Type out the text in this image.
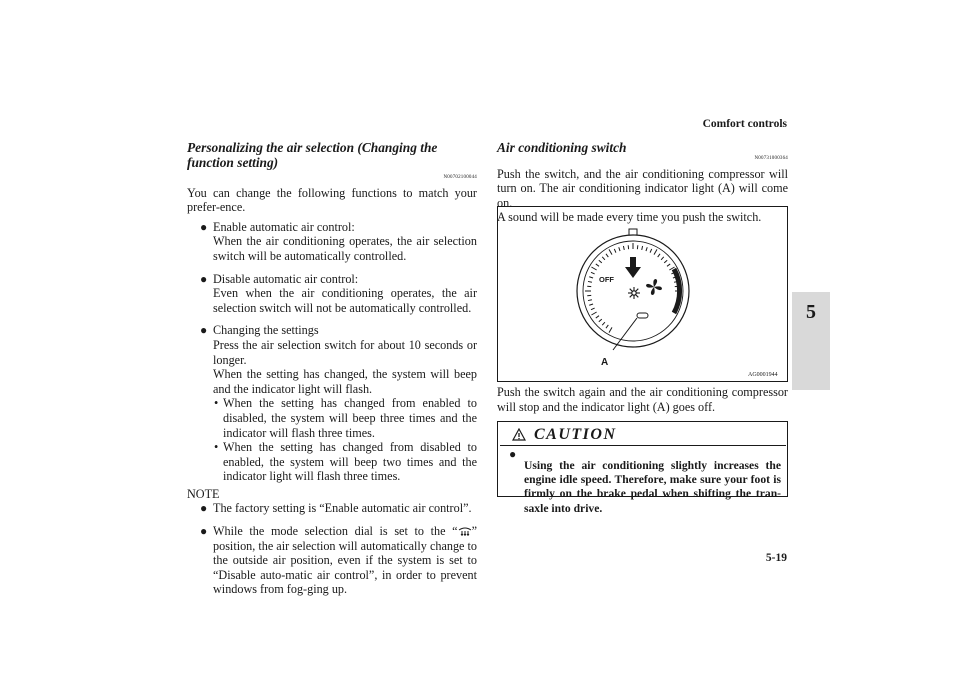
Comfort controls
5
5-19
Personalizing the air selection (Changing the function setting)
N00702100044

You can change the following functions to match your prefer-ence.

● Enable automatic air control:

When the air conditioning operates, the air selection switch will be automatically controlled.

● Disable automatic air control:

Even when the air conditioning operates, the air selection switch will not be automatically controlled.

● Changing the settings

Press the air selection switch for about 10 seconds or longer.

When the setting has changed, the system will beep and the indicator light will flash.

• When the setting has changed from enabled to disabled, the system will beep three times and the indicator will flash three times.

• When the setting has changed from disabled to enabled, the system will beep two times and the indicator light will flash three times.

NOTE
● The factory setting is “Enable automatic air control”.

● While the mode selection dial is set to the “ ” position, the air selection will automatically change to the outside air position, even if the system is set to “Disable auto-matic air control”, in order to prevent windows from fog-ging up.

Air conditioning switch
N00731000364

Push the switch, and the air conditioning compressor will turn on. The air conditioning indicator light (A) will come on.

A sound will be made every time you push the switch.

OFF
A
AG0001944

Push the switch again and the air conditioning compressor will stop and the indicator light (A) goes off.

CAUTION
●

Using the air conditioning slightly increases the engine idle speed. Therefore, make sure your foot is firmly on the brake pedal when shifting the tran-saxle into drive.
